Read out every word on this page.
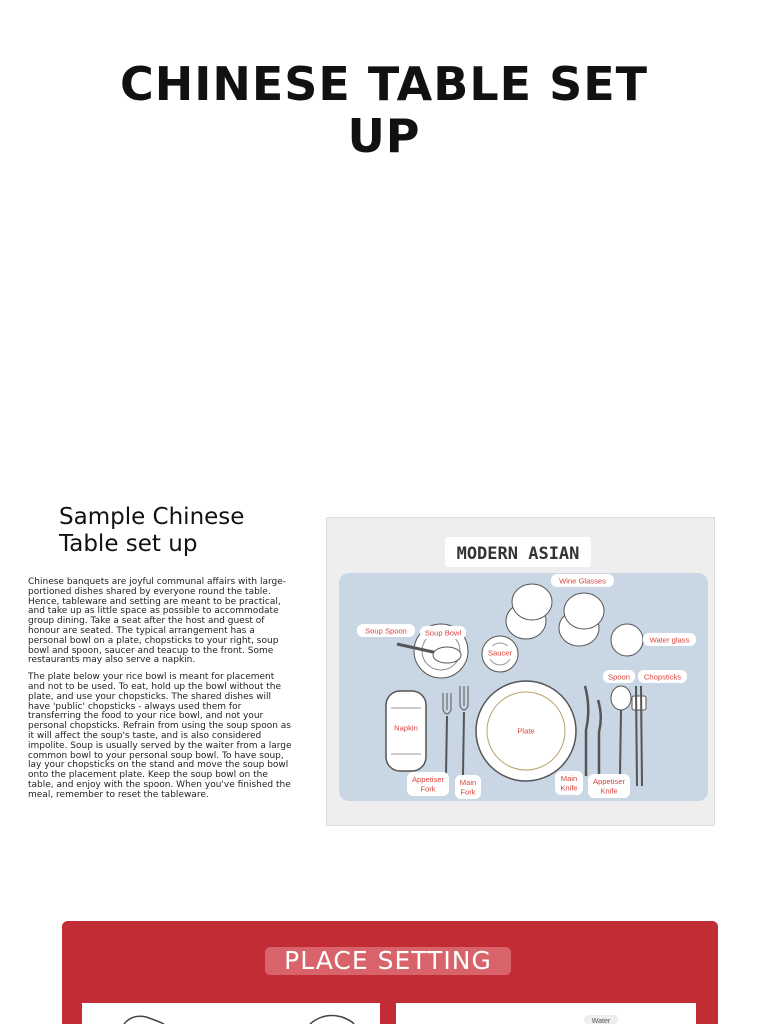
CHINESE TABLE SET
UP
Sample Chinese
Table set up

Chinese banquets are joyful communal affairs with large-portioned dishes shared by everyone round the table. Hence, tableware and setting are meant to be practical, and take up as little space as possible to accommodate group dining. Take a seat after the host and guest of honour are seated. The typical arrangement has a personal bowl on a plate, chopsticks to your right, soup bowl and spoon, saucer and teacup to the front. Some restaurants may also serve a napkin.

The plate below your rice bowl is meant for placement and not to be used. To eat, hold up the bowl without the plate, and use your chopsticks. The shared dishes will have 'public' chopsticks - always used them for transferring the food to your rice bowl, and not your personal chopsticks. Refrain from using the soup spoon as it will affect the soup's taste, and is also considered impolite. Soup is usually served by the waiter from a large common bowl to your personal soup bowl. To have soup, lay your chopsticks on the stand and move the soup bowl onto the placement plate. Keep the soup bowl on the table, and enjoy with the spoon. When you've finished the meal, remember to reset the tableware.

MODERN ASIAN
Wine Glasses
Soup Spoon Soup Bowl
Water glass
Saucer
Spoon Chopsticks
Napkin	Plate
Appetiser
Fork
Main
Fork
Main
Knife
Appetiser
Knife
PLACE SETTING
Water
